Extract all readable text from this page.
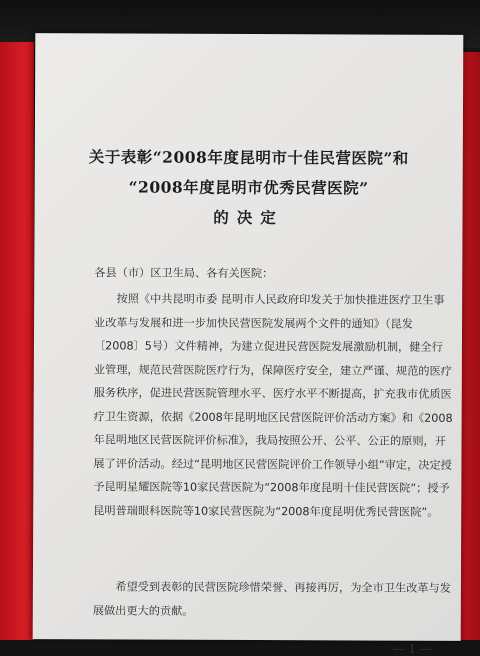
关于表彰“2008年度昆明市十佳民营医院”和
“2008年度昆明市优秀民营医院”
的决定
各县（市）区卫生局、各有关医院：
按照《中共昆明市委 昆明市人民政府印发关于加快推进医疗卫生事业改革与发展和进一步加快民营医院发展两个文件的通知》（昆发〔2008〕5号）文件精神，为建立促进民营医院发展激励机制，健全行业管理，规范民营医院医疗行为，保障医疗安全，建立严谨、规范的医疗服务秩序，促进民营医院管理水平、医疗水平不断提高，扩充我市优质医疗卫生资源，依据《2008年昆明地区民营医院评价活动方案》和《2008年昆明地区民营医院评价标准》，我局按照公开、公平、公正的原则，开展了评价活动。经过“昆明地区民营医院评价工作领导小组”审定，决定授予昆明星耀医院等10家民营医院为“2008年度昆明十佳民营医院”；授予昆明普瑞眼科医院等10家民营医院为“2008年度昆明优秀民营医院”。
希望受到表彰的民营医院珍惜荣誉、再接再厉，为全市卫生改革与发展做出更大的贡献。
— 1 —
